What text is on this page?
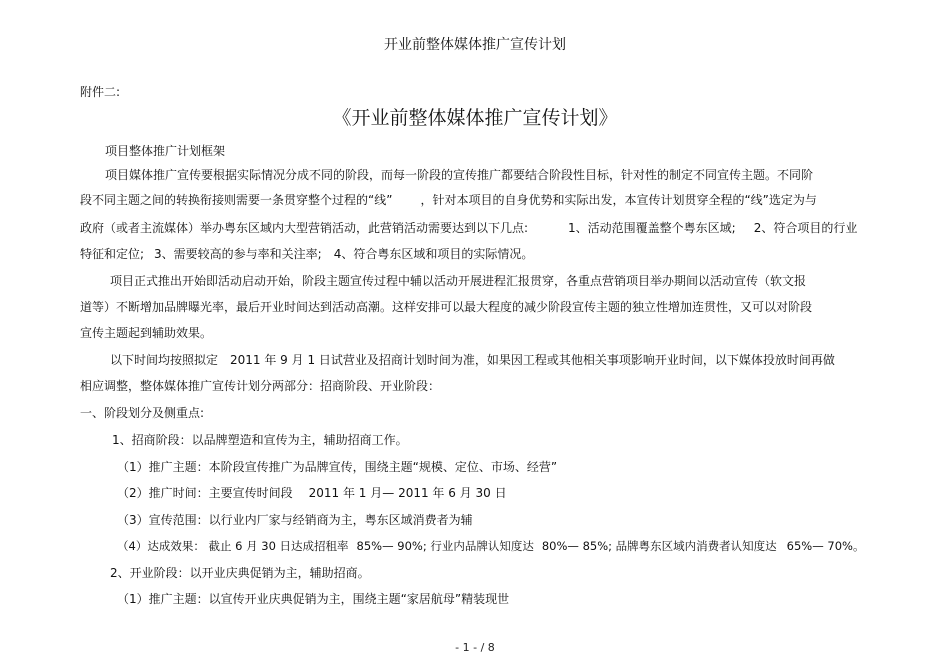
开业前整体媒体推广宣传计划
附件二:
《开业前整体媒体推广宣传计划》
项目整体推广计划框架
项目媒体推广宣传要根据实际情况分成不同的阶段，而每一阶段的宣传推广都要结合阶段性目标，针对性的制定不同宣传主题。不同阶
段不同主题之间的转换衔接则需要一条贯穿整个过程的“线” ，针对本项目的自身优势和实际出发，本宣传计划贯穿全程的“线”选定为与
政府（或者主流媒体）举办粤东区域内大型营销活动，此营销活动需要达到以下几点:	1、活动范围覆盖整个粤东区域; 2、符合项目的行业
特征和定位; 3、需要较高的参与率和关注率; 4、符合粤东区域和项目的实际情况。
项目正式推出开始即活动启动开始，阶段主题宣传过程中辅以活动开展进程汇报贯穿，各重点营销项目举办期间以活动宣传（软文报
道等）不断增加品牌曝光率，最后开业时间达到活动高潮。这样安排可以最大程度的减少阶段宣传主题的独立性增加连贯性，又可以对阶段
宣传主题起到辅助效果。
以下时间均按照拟定 2011 年 9 月 1 日试营业及招商计划时间为准，如果因工程或其他相关事项影响开业时间，以下媒体投放时间再做
相应调整，整体媒体推广宣传计划分两部分：招商阶段、开业阶段：
一、阶段划分及侧重点:
1、招商阶段：以品牌塑造和宣传为主，辅助招商工作。
（1）推广主题：本阶段宣传推广为品牌宣传，围绕主题“规模、定位、市场、经营”
（2）推广时间：主要宣传时间段 2011 年 1 月— 2011 年 6 月 30 日
（3）宣传范围：以行业内厂家与经销商为主，粤东区域消费者为辅
（4）达成效果： 截止 6 月 30 日达成招租率 85%— 90%; 行业内品牌认知度达 80%— 85%; 品牌粤东区域内消费者认知度达 65%— 70%。
2、开业阶段：以开业庆典促销为主，辅助招商。
（1）推广主题：以宣传开业庆典促销为主，围绕主题“家居航母”精装现世
- 1 - / 8
